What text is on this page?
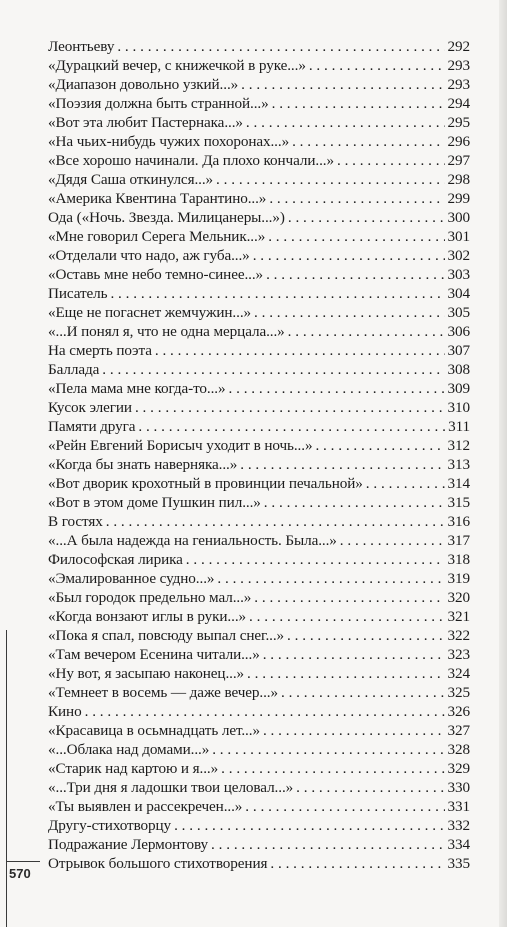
Леонтьеву . . .	292
«Дурацкий вечер, с книжечкой в руке...» . . .	293
«Диапазон довольно узкий...» . . .	293
«Поэзия должна быть странной...» . . .	294
«Вот эта любит Пастернака...» . . .	295
«На чьих-нибудь чужих похоронах...» . . .	296
«Все хорошо начинали. Да плохо кончали...» . . .	297
«Дядя Саша откинулся...» . . .	298
«Америка Квентина Тарантино...» . . .	299
Ода («Ночь. Звезда. Милицанеры...») . . .	300
«Мне говорил Серега Мельник...» . . .	301
«Отделали что надо, аж губа...» . . .	302
«Оставь мне небо темно-синее...» . . .	303
Писатель . . .	304
«Еще не погаснет жемчужин...» . . .	305
«...И понял я, что не одна мерцала...» . . .	306
На смерть поэта . . .	307
Баллада . . .	308
«Пела мама мне когда-то...» . . .	309
Кусок элегии . . .	310
Памяти друга . . .	311
«Рейн Евгений Борисыч уходит в ночь...» . . .	312
«Когда бы знать наверняка...» . . .	313
«Вот дворик крохотный в провинции печальной» . . .	314
«Вот в этом доме Пушкин пил...» . . .	315
В гостях . . .	316
«...А была надежда на гениальность. Была...» . . .	317
Философская лирика . . .	318
«Эмалированное судно...» . . .	319
«Был городок предельно мал...» . . .	320
«Когда вонзают иглы в руки...» . . .	321
«Пока я спал, повсюду выпал снег...» . . .	322
«Там вечером Есенина читали...» . . .	323
«Ну вот, я засыпаю наконец...» . . .	324
«Темнеет в восемь — даже вечер...» . . .	325
Кино . . .	326
«Красавица в осьмнадцать лет...» . . .	327
«...Облака над домами...» . . .	328
«Старик над картою и я...» . . .	329
«...Три дня я ладошки твои целовал...» . . .	330
«Ты выявлен и рассекречен...» . . .	331
Другу-стихотворцу . . .	332
Подражание Лермонтову . . .	334
Отрывок большого стихотворения . . .	335
570
